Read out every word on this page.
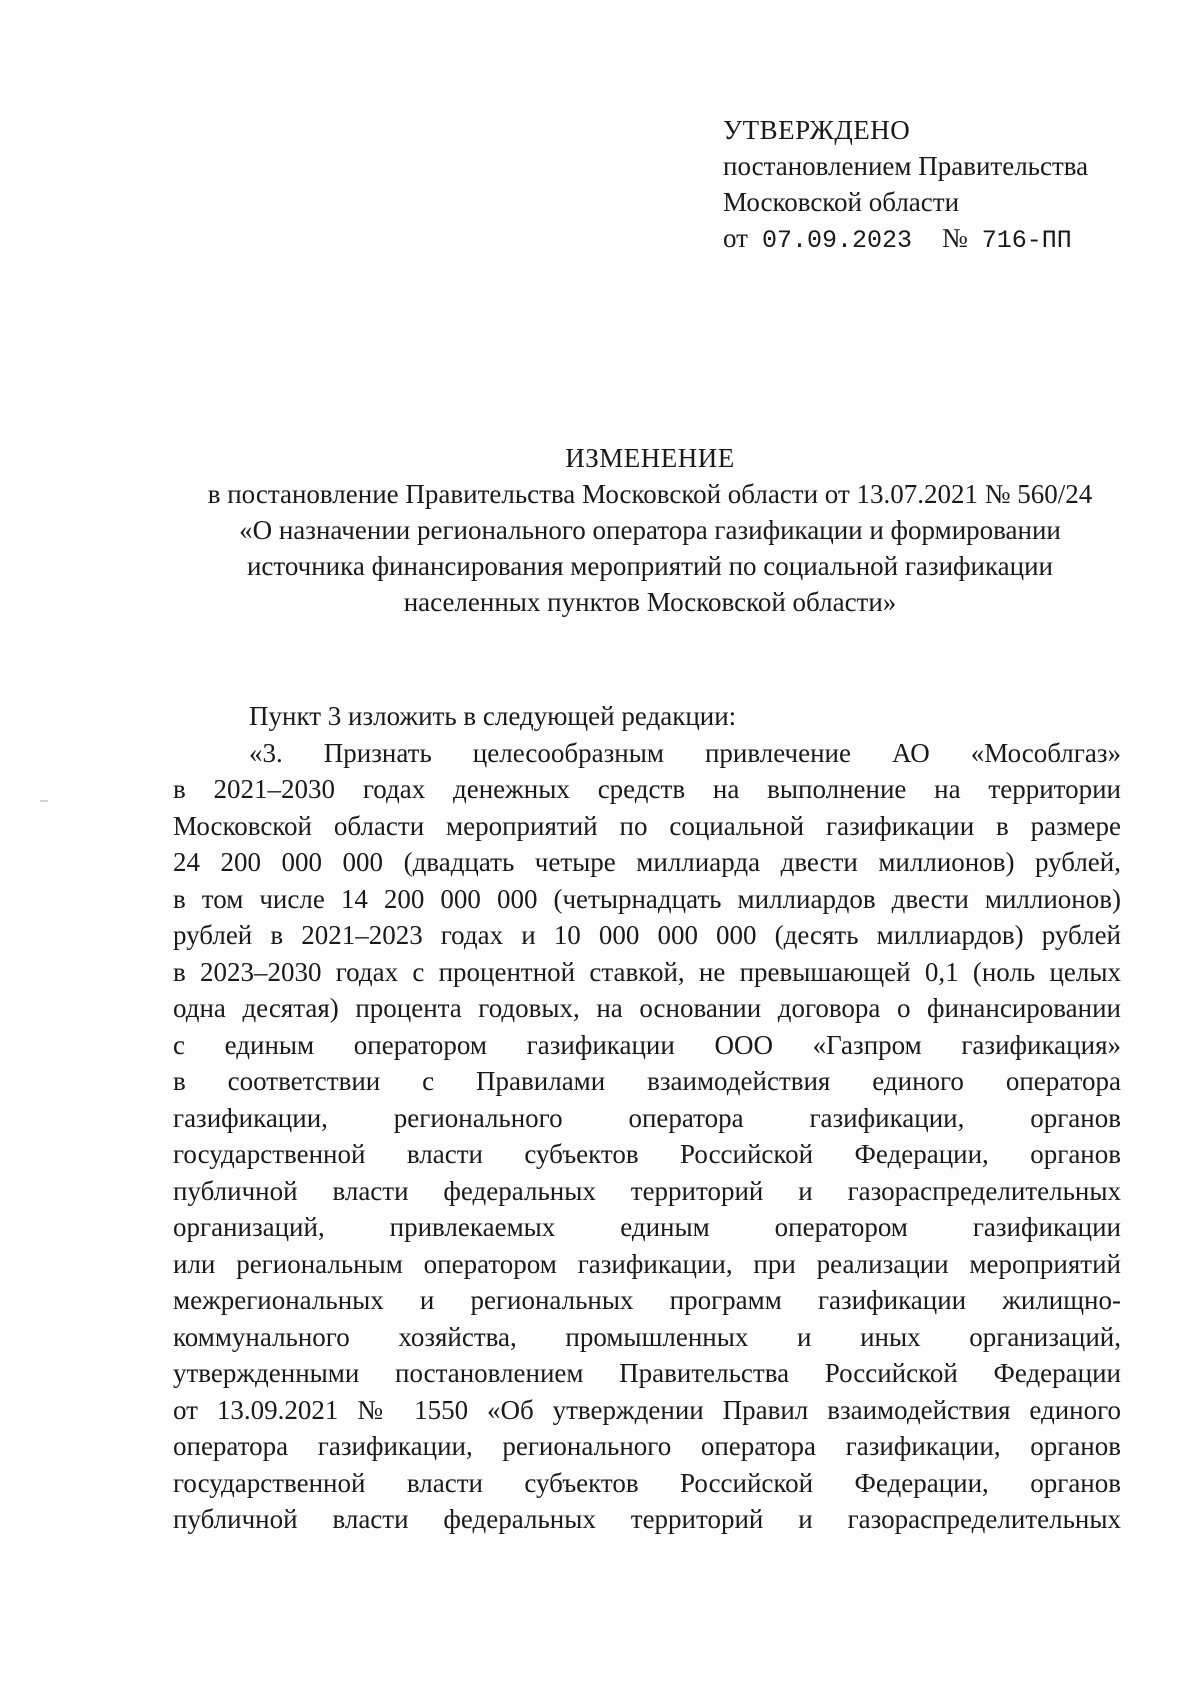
УТВЕРЖДЕНО
постановлением Правительства
Московской области
от 07.09.2023 № 716-ПП
ИЗМЕНЕНИЕ
в постановление Правительства Московской области от 13.07.2021 № 560/24
«О назначении регионального оператора газификации и формировании
источника финансирования мероприятий по социальной газификации
населенных пунктов Московской области»
Пункт 3 изложить в следующей редакции:
«3. Признать целесообразным привлечение АО «Мособлгаз»
в 2021–2030 годах денежных средств на выполнение на территории
Московской области мероприятий по социальной газификации в размере
24 200 000 000 (двадцать четыре миллиарда двести миллионов) рублей,
в том числе 14 200 000 000 (четырнадцать миллиардов двести миллионов)
рублей в 2021–2023 годах и 10 000 000 000 (десять миллиардов) рублей
в 2023–2030 годах с процентной ставкой, не превышающей 0,1 (ноль целых
одна десятая) процента годовых, на основании договора о финансировании
с единым оператором газификации ООО «Газпром газификация»
в соответствии с Правилами взаимодействия единого оператора
газификации, регионального оператора газификации, органов
государственной власти субъектов Российской Федерации, органов
публичной власти федеральных территорий и газораспределительных
организаций, привлекаемых единым оператором газификации
или региональным оператором газификации, при реализации мероприятий
межрегиональных и региональных программ газификации жилищно-
коммунального хозяйства, промышленных и иных организаций,
утвержденными постановлением Правительства Российской Федерации
от 13.09.2021 № 1550 «Об утверждении Правил взаимодействия единого
оператора газификации, регионального оператора газификации, органов
государственной власти субъектов Российской Федерации, органов
публичной власти федеральных территорий и газораспределительных
